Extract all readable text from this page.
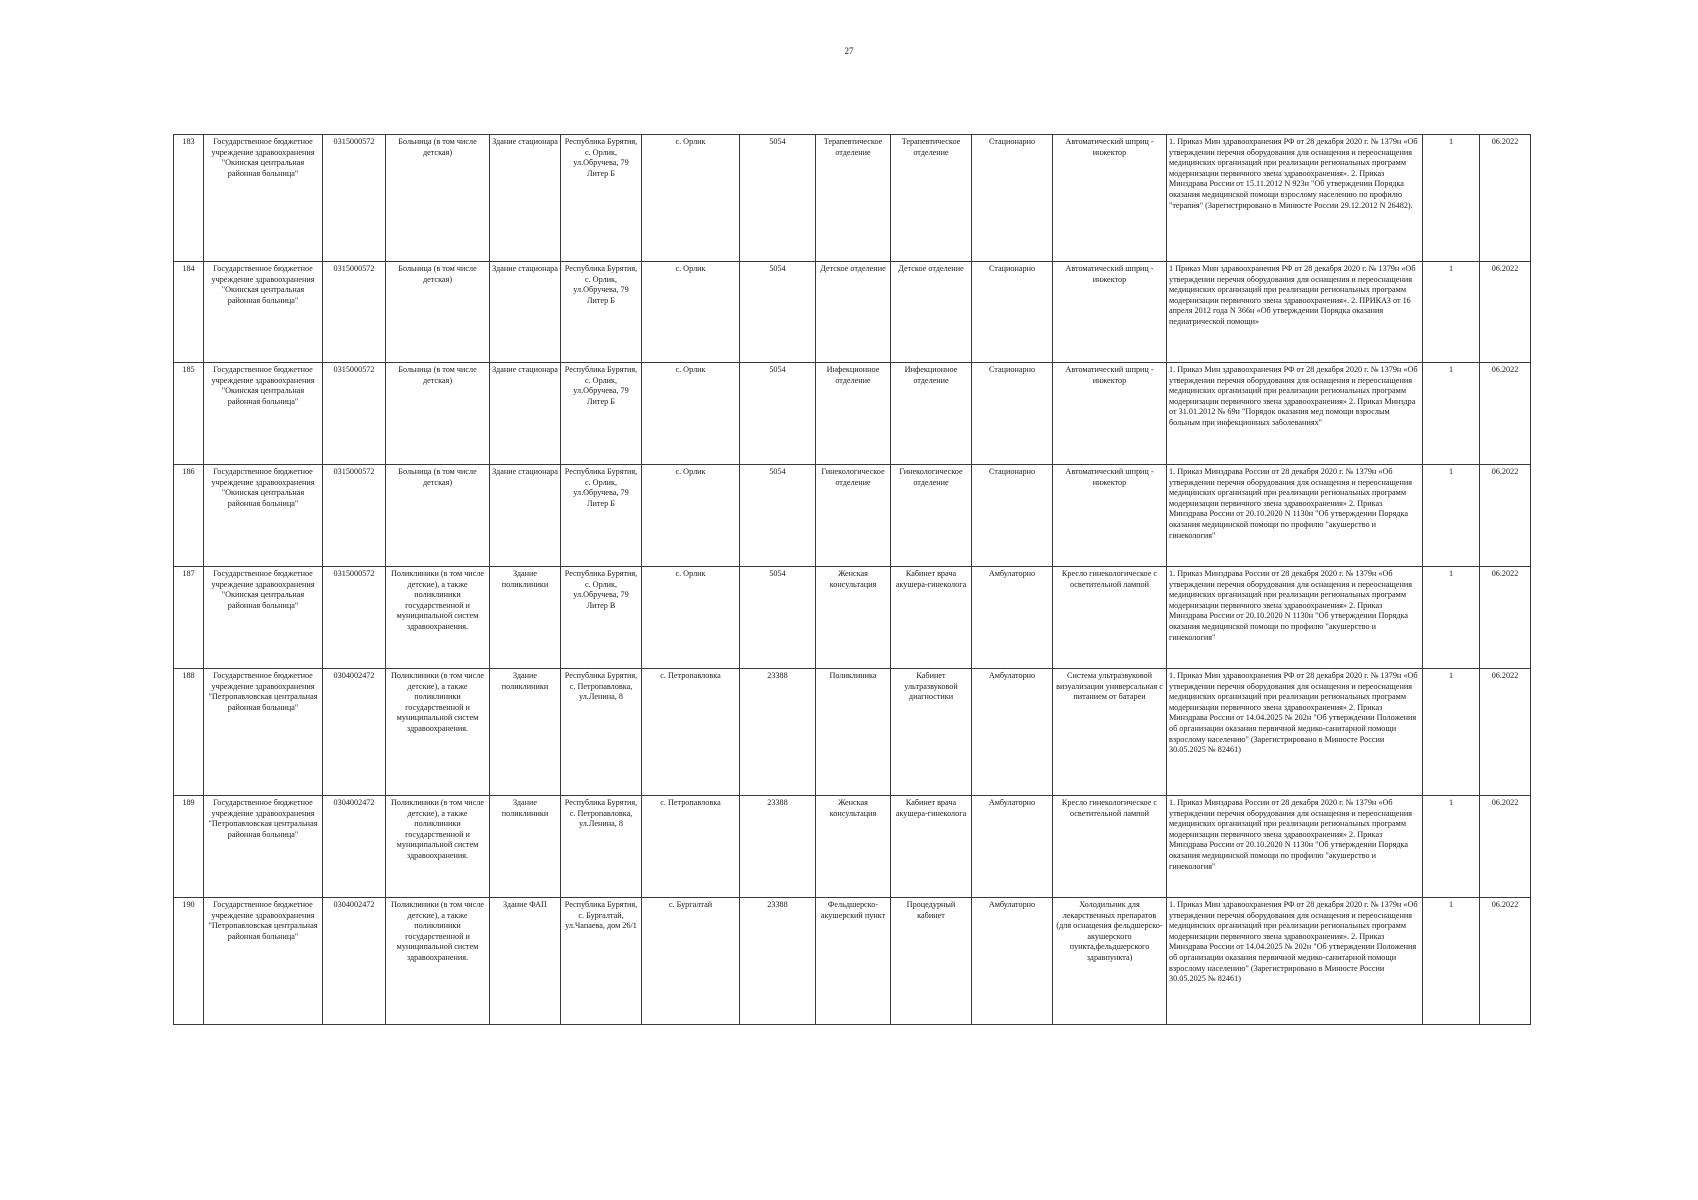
27
183	Государственное бюджетное учреждение здравоохранения "Окинская центральная районная больница"	0315000572	Больница (в том числе детская)	Здание стационара	Республика Бурятия, с. Орлик, ул.Обручева, 79 Литер Б	с. Орлик	5054	Терапевтическое отделение	Терапевтическое отделение	Стационарно	Автоматический шприц - инжектор	1. Приказ Мин здравоохранения РФ от 28 декабря 2020 г. № 1379н «Об утверждении перечня оборудования для оснащения и переоснащения медицинских организаций при реализации региональных программ модернизации первичного звена здравоохранения». 2. Приказ Минздрава России от 15.11.2012 N 923н "Об утверждении Порядка оказания медицинской помощи взрослому населению по профилю "терапия" (Зарегистрировано в Минюсте России 29.12.2012 N 26482).	1	06.2022
184	Государственное бюджетное учреждение здравоохранения "Окинская центральная районная больница"	0315000572	Больница (в том числе детская)	Здание стационара	Республика Бурятия, с. Орлик, ул.Обручева, 79 Литер Б	с. Орлик	5054	Детское отделение	Детское отделение	Стационарно	Автоматический шприц - инжектор	1 Приказ Мин здравоохранения РФ от 28 декабря 2020 г. № 1379н «Об утверждении перечня оборудования для оснащения и переоснащения медицинских организаций при реализации региональных программ модернизации первичного звена здравоохранения». 2. ПРИКАЗ от 16 апреля 2012 года N 366н «Об утверждении Порядка оказания педиатрической помощи»	1	06.2022
185	Государственное бюджетное учреждение здравоохранения "Окинская центральная районная больница"	0315000572	Больница (в том числе детская)	Здание стационара	Республика Бурятия, с. Орлик, ул.Обручева, 79 Литер Б	с. Орлик	5054	Инфекционное отделение	Инфекционное отделение	Стационарно	Автоматический шприц - инжектор	1. Приказ Мин здравоохранения РФ от 28 декабря 2020 г. № 1379н «Об утверждении перечня оборудования для оснащения и переоснащения медицинских организаций при реализации региональных программ модернизации первичного звена здравоохранения» 2. Приказ Минздра от 31.01.2012 № 69н "Порядок оказания мед помощи взрослым больным при инфекционных заболеваниях"	1	06.2022
186	Государственное бюджетное учреждение здравоохранения "Окинская центральная районная больница"	0315000572	Больница (в том числе детская)	Здание стационара	Республика Бурятия, с. Орлик, ул.Обручева, 79 Литер Б	с. Орлик	5054	Гинекологическое отделение	Гинекологическое отделение	Стационарно	Автоматический шприц - инжектор	1. Приказ Минздрава России от 28 декабря 2020 г. № 1379н «Об утверждении перечня оборудования для оснащения и переоснащения медицинских организаций при реализации региональных программ модернизации первичного звена здравоохранения» 2. Приказ Минздрава России от 20.10.2020 N 1130н "Об утверждении Порядка оказания медицинской помощи по профилю "акушерство и гинекология"	1	06.2022
187	Государственное бюджетное учреждение здравоохранения "Окинская центральная районная больница"	0315000572	Поликлиники (в том числе детские), а также поликлиники государственной и муниципальной систем здравоохранения.	Здание поликлиники	Республика Бурятия, с. Орлик, ул.Обручева, 79 Литер В	с. Орлик	5054	Женская консультация	Кабинет врача акушера-гинеколога	Амбулаторно	Кресло гинекологическое с осветительной лампой	1. Приказ Минздрава России от 28 декабря 2020 г. № 1379н «Об утверждении перечня оборудования для оснащения и переоснащения медицинских организаций при реализации региональных программ модернизации первичного звена здравоохранения» 2. Приказ Минздрава России от 20.10.2020 N 1130н "Об утверждении Порядка оказания медицинской помощи по профилю "акушерство и гинекология"	1	06.2022
188	Государственное бюджетное учреждение здравоохранения "Петропавловская центральная районная больница"	0304002472	Поликлиники (в том числе детские), а также поликлиники государственной и муниципальной систем здравоохранения.	Здание поликлиники	Республика Бурятия, с. Петропавловка, ул.Ленина, 8	с. Петропавловка	23388	Поликлиника	Кабинет ультразвуковой диагностики	Амбулаторно	Система ультразвуковой визуализации универсальная с питанием от батареи	1. Приказ Мин здравоохранения РФ от 28 декабря 2020 г. № 1379н «Об утверждении перечня оборудования для оснащения и переоснащения медицинских организаций при реализации региональных программ модернизации первичного звена здравоохранения» 2. Приказ Минздрава России от 14.04.2025 № 202н "Об утверждении Положения об организации оказания первичной медико-санитарной помощи взрослому населению" (Зарегистрировано в Минюсте России 30.05.2025 № 82461)	1	06.2022
189	Государственное бюджетное учреждение здравоохранения "Петропавловская центральная районная больница"	0304002472	Поликлиники (в том числе детские), а также поликлиники государственной и муниципальной систем здравоохранения.	Здание поликлиники	Республика Бурятия, с. Петропавловка, ул.Ленина, 8	с. Петропавловка	23388	Женская консультация	Кабинет врача акушера-гинеколога	Амбулаторно	Кресло гинекологическое с осветительной лампой	1. Приказ Минздрава России от 28 декабря 2020 г. № 1379н «Об утверждении перечня оборудования для оснащения и переоснащения медицинских организаций при реализации региональных программ модернизации первичного звена здравоохранения» 2. Приказ Минздрава России от 20.10.2020 N 1130н "Об утверждении Порядка оказания медицинской помощи по профилю "акушерство и гинекология"	1	06.2022
190	Государственное бюджетное учреждение здравоохранения "Петропавловская центральная районная больница"	0304002472	Поликлиники (в том числе детские), а также поликлиники государственной и муниципальной систем здравоохранения.	Здание ФАП	Республика Бурятия, с. Бургалтай, ул.Чапаева, дом 26/1	с. Бургалтай	23388	Фельдшерско-акушерский пункт	Процедурный кабинет	Амбулаторно	Холодильник для лекарственных препаратов (для оснащения фельдшерско-акушерского пункта,фельдшерского здравпункта)	1. Приказ Мин здравоохранения РФ от 28 декабря 2020 г. № 1379н «Об утверждении перечня оборудования для оснащения и переоснащения медицинских организаций при реализации региональных программ модернизации первичного звена здравоохранения». 2. Приказ Минздрава России от 14.04.2025 № 202н "Об утверждении Положения об организации оказания первичной медико-санитарной помощи взрослому населению" (Зарегистрировано в Минюсте России 30.05.2025 № 82461)	1	06.2022
